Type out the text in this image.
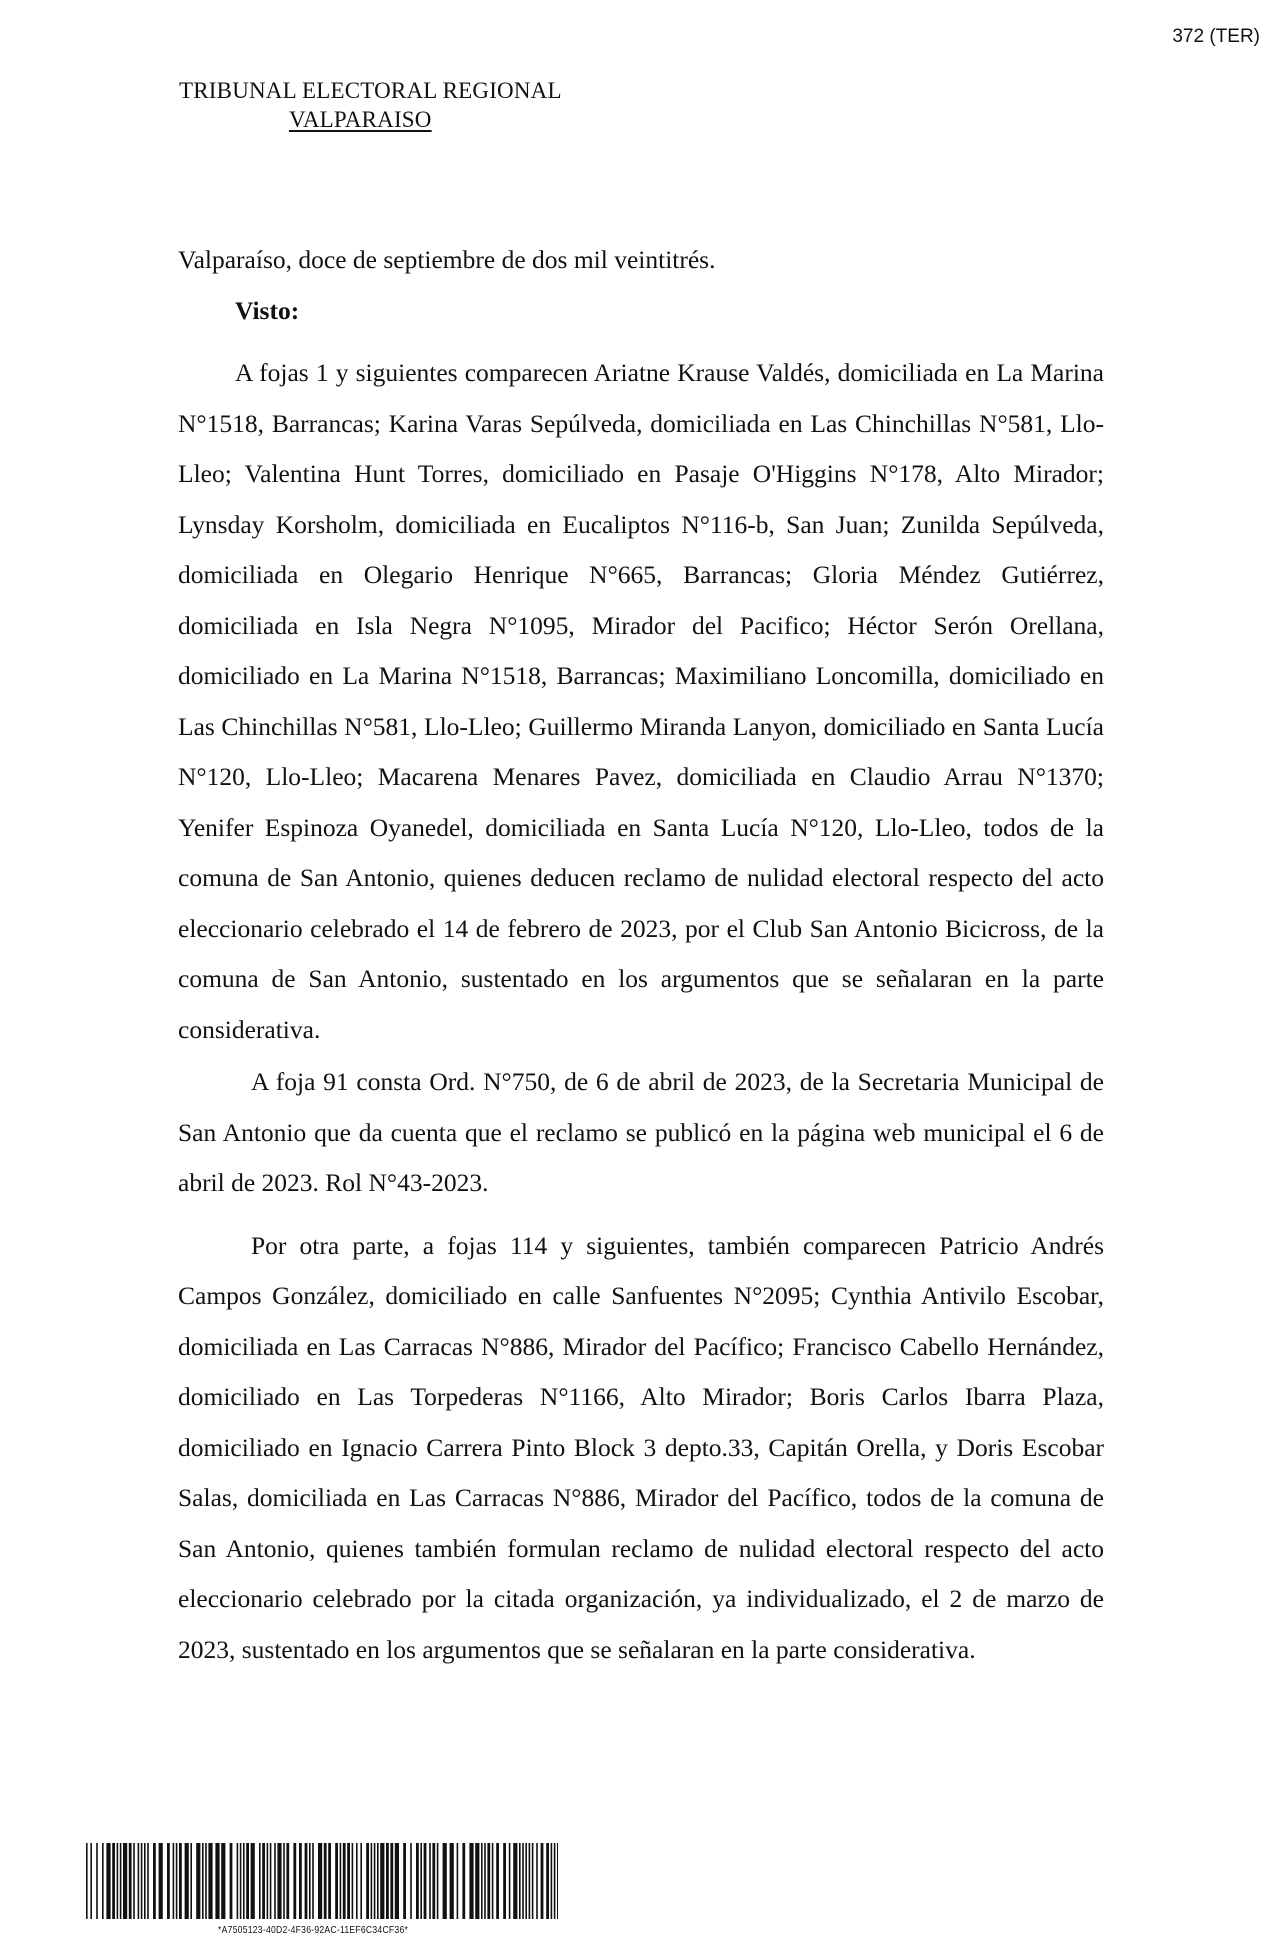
372 (TER)
TRIBUNAL ELECTORAL REGIONAL
VALPARAISO

Valparaíso, doce de septiembre de dos mil veintitrés.

Visto:

A fojas 1 y siguientes comparecen Ariatne Krause Valdés, domiciliada en La Marina N°1518, Barrancas; Karina Varas Sepúlveda, domiciliada en Las Chinchillas N°581, Llo-Lleo; Valentina Hunt Torres, domiciliado en Pasaje O'Higgins N°178, Alto Mirador; Lynsday Korsholm, domiciliada en Eucaliptos N°116-b, San Juan; Zunilda Sepúlveda, domiciliada en Olegario Henrique N°665, Barrancas; Gloria Méndez Gutiérrez, domiciliada en Isla Negra N°1095, Mirador del Pacifico; Héctor Serón Orellana, domiciliado en La Marina N°1518, Barrancas; Maximiliano Loncomilla, domiciliado en Las Chinchillas N°581, Llo-Lleo; Guillermo Miranda Lanyon, domiciliado en Santa Lucía N°120, Llo-Lleo; Macarena Menares Pavez, domiciliada en Claudio Arrau N°1370; Yenifer Espinoza Oyanedel, domiciliada en Santa Lucía N°120, Llo-Lleo, todos de la comuna de San Antonio, quienes deducen reclamo de nulidad electoral respecto del acto eleccionario celebrado el 14 de febrero de 2023, por el Club San Antonio Bicicross, de la comuna de San Antonio, sustentado en los argumentos que se señalaran en la parte considerativa.

A foja 91 consta Ord. N°750, de 6 de abril de 2023, de la Secretaria Municipal de San Antonio que da cuenta que el reclamo se publicó en la página web municipal el 6 de abril de 2023. Rol N°43-2023.

Por otra parte, a fojas 114 y siguientes, también comparecen Patricio Andrés Campos González, domiciliado en calle Sanfuentes N°2095; Cynthia Antivilo Escobar, domiciliada en Las Carracas N°886, Mirador del Pacífico; Francisco Cabello Hernández, domiciliado en Las Torpederas N°1166, Alto Mirador; Boris Carlos Ibarra Plaza, domiciliado en Ignacio Carrera Pinto Block 3 depto.33, Capitán Orella, y Doris Escobar Salas, domiciliada en Las Carracas N°886, Mirador del Pacífico, todos de la comuna de San Antonio, quienes también formulan reclamo de nulidad electoral respecto del acto eleccionario celebrado por la citada organización, ya individualizado, el 2 de marzo de 2023, sustentado en los argumentos que se señalaran en la parte considerativa.

*A7505123-40D2-4F36-92AC-11EF6C34CF36*
